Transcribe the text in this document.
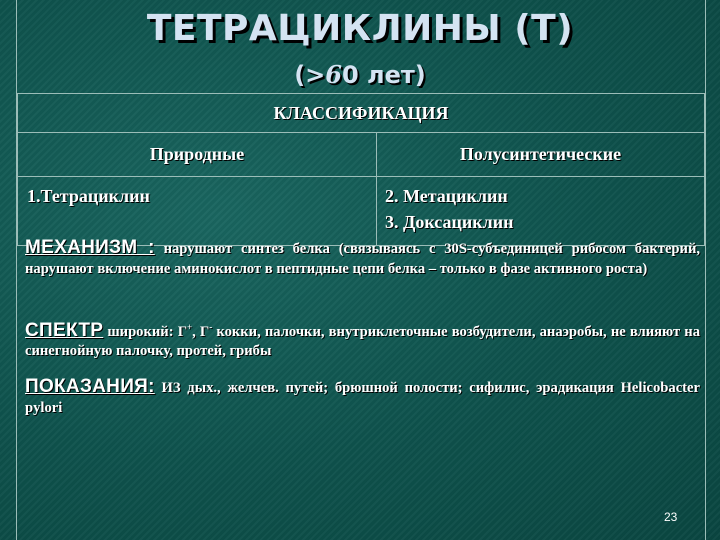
ТЕТРАЦИКЛИНЫ (Т)
(>60 лет)
КЛАССИФИКАЦИЯ	
Природные	Полусинтетические

1.Тетрациклин	2. Метациклин
3. Доксациклин
МЕХАНИЗМ : нарушают синтез белка (связываясь с 30S-субъединицей рибосом бактерий, нарушают включение аминокислот в пептидные цепи белка – только в фазе активного роста)
СПЕКТР широкий: Г+, Г- кокки, палочки, внутриклеточные возбудители, анаэробы, не влияют на синегнойную палочку, протей, грибы
ПОКАЗАНИЯ: ИЗ дых., желчев. путей; брюшной полости; сифилис, эрадикация Helicobacter pylori
23
